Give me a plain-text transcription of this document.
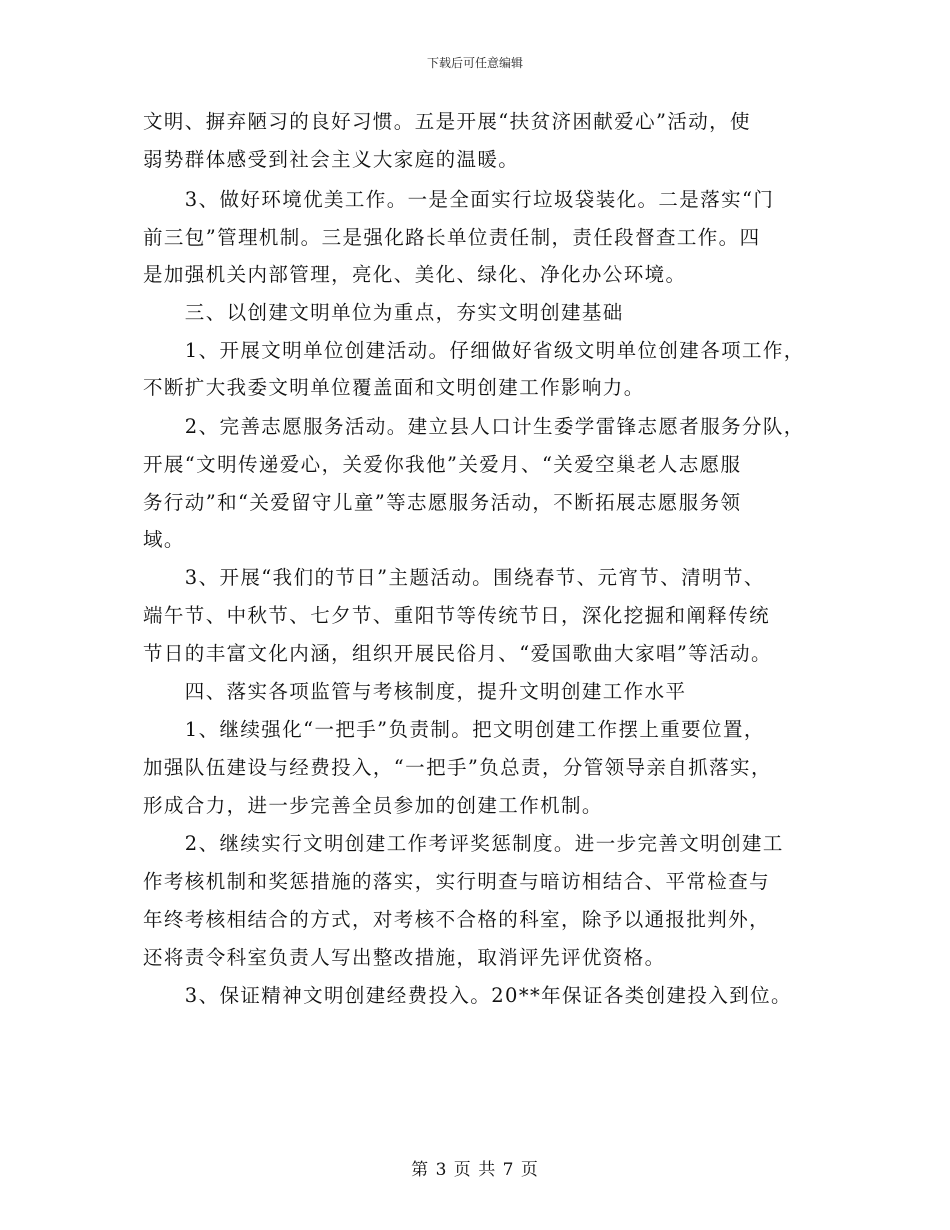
下载后可任意编辑
文明、摒弃陋习的良好习惯。五是开展“扶贫济困献爱心”活动，使
弱势群体感受到社会主义大家庭的温暖。
　　3、做好环境优美工作。一是全面实行垃圾袋装化。二是落实“门
前三包”管理机制。三是强化路长单位责任制，责任段督查工作。四
是加强机关内部管理，亮化、美化、绿化、净化办公环境。
　　三、以创建文明单位为重点，夯实文明创建基础
　　1、开展文明单位创建活动。仔细做好省级文明单位创建各项工作，
不断扩大我委文明单位覆盖面和文明创建工作影响力。
　　2、完善志愿服务活动。建立县人口计生委学雷锋志愿者服务分队，
开展“文明传递爱心，关爱你我他”关爱月、“关爱空巢老人志愿服
务行动”和“关爱留守儿童”等志愿服务活动，不断拓展志愿服务领
域。
　　3、开展“我们的节日”主题活动。围绕春节、元宵节、清明节、
端午节、中秋节、七夕节、重阳节等传统节日，深化挖掘和阐释传统
节日的丰富文化内涵，组织开展民俗月、“爱国歌曲大家唱”等活动。
　　四、落实各项监管与考核制度，提升文明创建工作水平
　　1、继续强化“一把手”负责制。把文明创建工作摆上重要位置，
加强队伍建设与经费投入，“一把手”负总责，分管领导亲自抓落实，
形成合力，进一步完善全员参加的创建工作机制。
　　2、继续实行文明创建工作考评奖惩制度。进一步完善文明创建工
作考核机制和奖惩措施的落实，实行明查与暗访相结合、平常检查与
年终考核相结合的方式，对考核不合格的科室，除予以通报批判外，
还将责令科室负责人写出整改措施，取消评先评优资格。
　　3、保证精神文明创建经费投入。20**年保证各类创建投入到位。
第 3 页 共 7 页
